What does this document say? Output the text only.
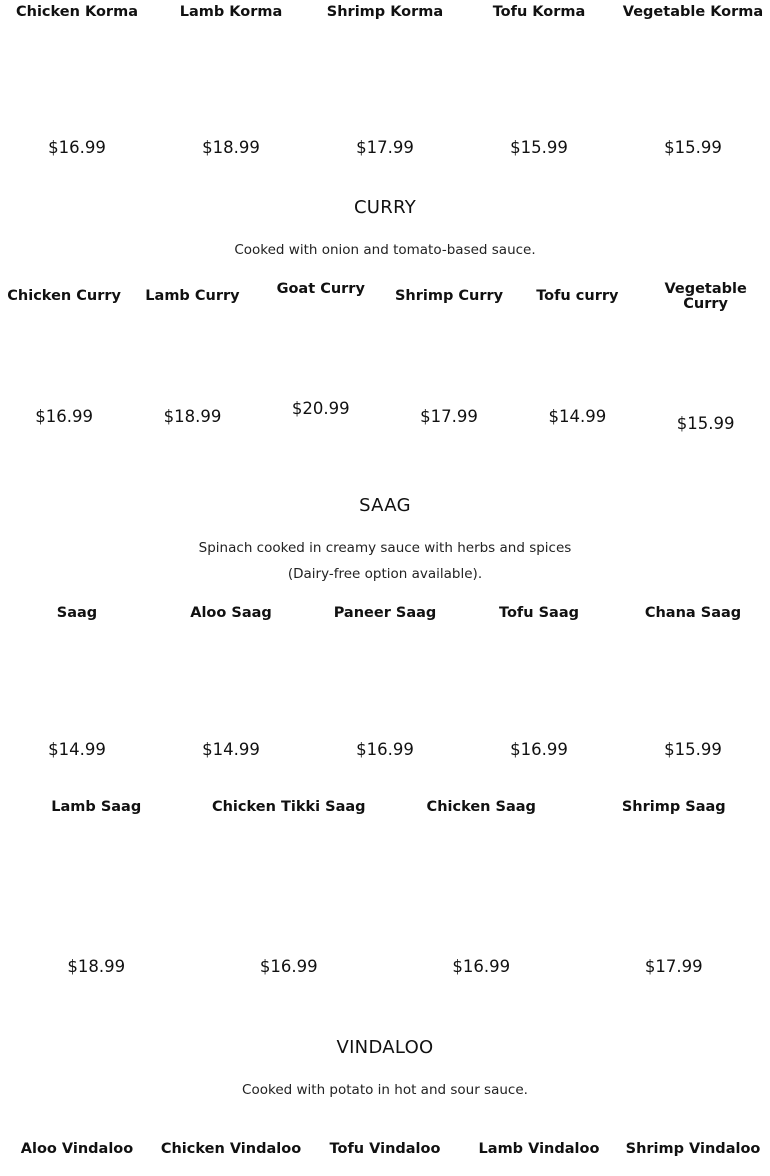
Chicken Korma
$16.99
Lamb Korma
$18.99
Shrimp Korma
$17.99
Tofu Korma
$15.99
Vegetable Korma
$15.99
CURRY
Cooked with onion and tomato-based sauce.
Chicken Curry
$16.99
Lamb Curry
$18.99
Goat Curry
$20.99
Shrimp Curry
$17.99
Tofu curry
$14.99
Vegetable Curry
$15.99
SAAG
Spinach cooked in creamy sauce with herbs and spices
(Dairy-free option available).
Saag
$14.99
Aloo Saag
$14.99
Paneer Saag
$16.99
Tofu Saag
$16.99
Chana Saag
$15.99
Lamb Saag
$18.99
Chicken Tikki Saag
$16.99
Chicken Saag
$16.99
Shrimp Saag
$17.99
VINDALOO
Cooked with potato in hot and sour sauce.
Aloo Vindaloo	Chicken Vindaloo	Tofu Vindaloo	Lamb Vindaloo	Shrimp Vindaloo
